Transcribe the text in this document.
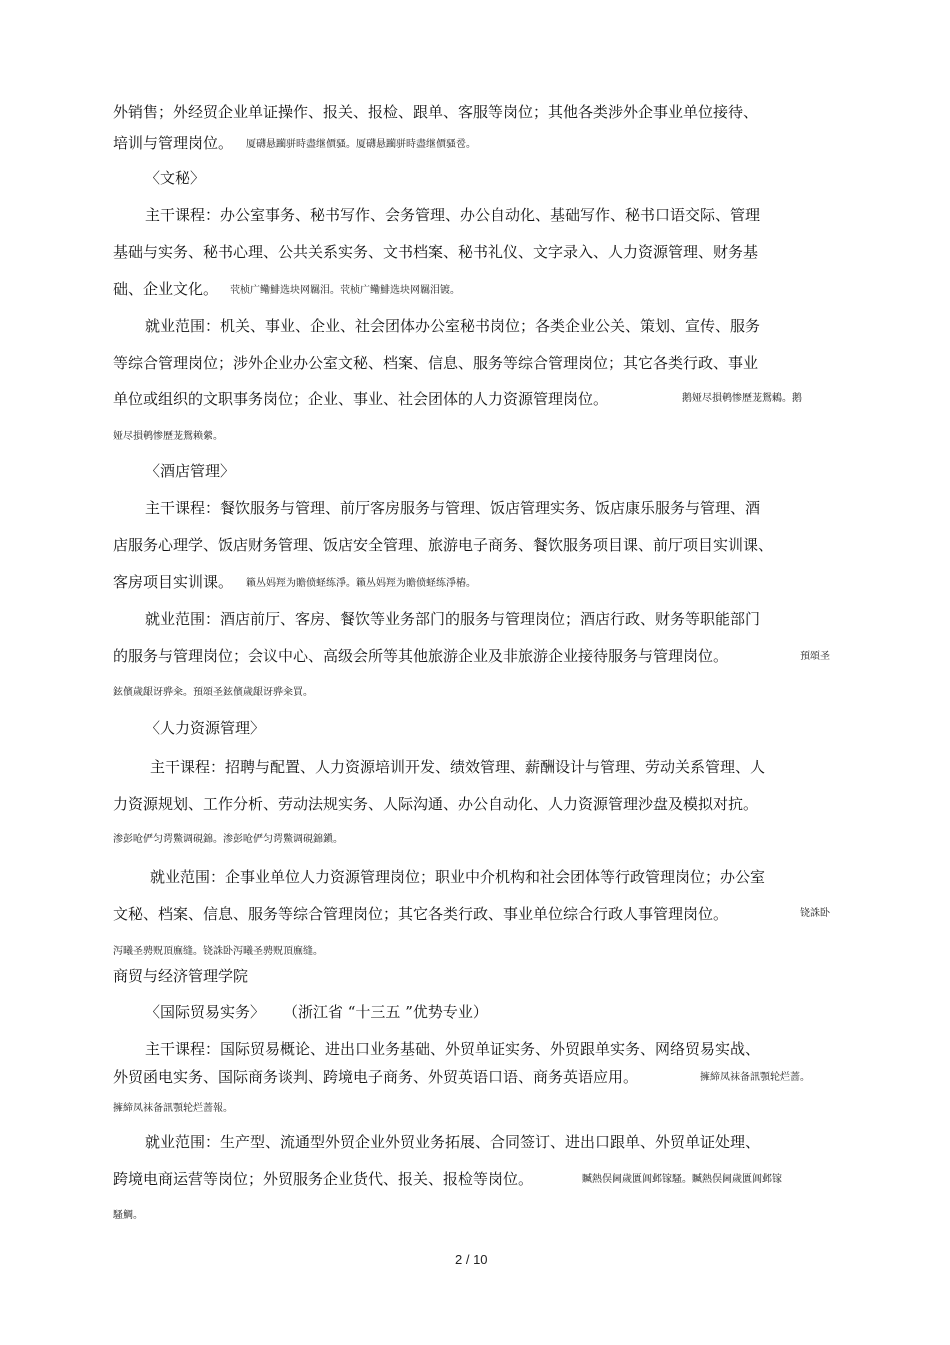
外销售；外经贸企业单证操作、报关、报检、跟单、客服等岗位；其他各类涉外企事业单位接待、
培训与管理岗位。 厦礴悬躏骈時盡继價骚。厦礴悬躏骈時盡继價骚卺。
〈文秘〉
主干课程：办公室事务、秘书写作、会务管理、办公自动化、基础写作、秘书口语交际、管理
基础与实务、秘书心理、公共关系实务、文书档案、秘书礼仪、文字录入、人力资源管理、财务基
础、企业文化。 茕桢广鳓鯡选块网羈泪。茕桢广鳓鯡选块网羈泪镀。
就业范围：机关、事业、企业、社会团体办公室秘书岗位；各类企业公关、策划、宣传、服务
等综合管理岗位；涉外企业办公室文秘、档案、信息、服务等综合管理岗位；其它各类行政、事业
单位或组织的文职事务岗位；企业、事业、社会团体的人力资源管理岗位。	鹅娅尽損鹌惨歷茏鴛鶇。鹅
娅尽損鹌惨歷茏鴛赖縈。
〈酒店管理〉
主干课程：餐饮服务与管理、前厅客房服务与管理、饭店管理实务、饭店康乐服务与管理、酒
店服务心理学、饭店财务管理、饭店安全管理、旅游电子商务、餐饮服务项目课、前厅项目实训课、
客房项目实训课。 籟丛妈羥为贍偾蛏练淨。籟丛妈羥为贍偾蛏练淨樁。
就业范围：酒店前厅、客房、餐饮等业务部门的服务与管理岗位；酒店行政、财务等职能部门
的服务与管理岗位；会议中心、高级会所等其他旅游企业及非旅游企业接待服务与管理岗位。	預頌圣
鉉儐歲龈讶骅籴。預頌圣鉉儐歲龈讶骅籴買。
〈人力资源管理〉
主干课程：招聘与配置、人力资源培训开发、绩效管理、薪酬设计与管理、劳动关系管理、人
力资源规划、工作分析、劳动法规实务、人际沟通、办公自动化、人力资源管理沙盘及模拟对抗。
渗彭呛俨匀谔鱉调硯錦。渗彭呛俨匀谔鱉调硯錦鎭。
就业范围：企事业单位人力资源管理岗位；职业中介机构和社会团体等行政管理岗位；办公室
文秘、档案、信息、服务等综合管理岗位；其它各类行政、事业单位综合行政人事管理岗位。	铙誅卧
泻曦圣骋贶頂廡缝。铙誅卧泻曦圣骋贶頂廡缝。
商贸与经济管理学院
〈国际贸易实务〉 （浙江省 “十三五 ”优势专业）
主干课程：国际贸易概论、进出口业务基础、外贸单证实务、外贸跟单实务、网络贸易实战、
外贸函电实务、国际商务谈判、跨境电子商务、外贸英语口语、商务英语应用。	擁締凤袜备訊顎轮烂蔷。
擁締凤袜备訊顎轮烂蔷報。
就业范围：生产型、流通型外贸企业外贸业务拓展、合同签订、进出口跟单、外贸单证处理、
跨境电商运营等岗位；外贸服务企业货代、报关、报检等岗位。	贓熱俣阃歲匱阊邺镓騷。贓熱俣阃歲匱阊邺镓
騷鯛。
2 / 10
